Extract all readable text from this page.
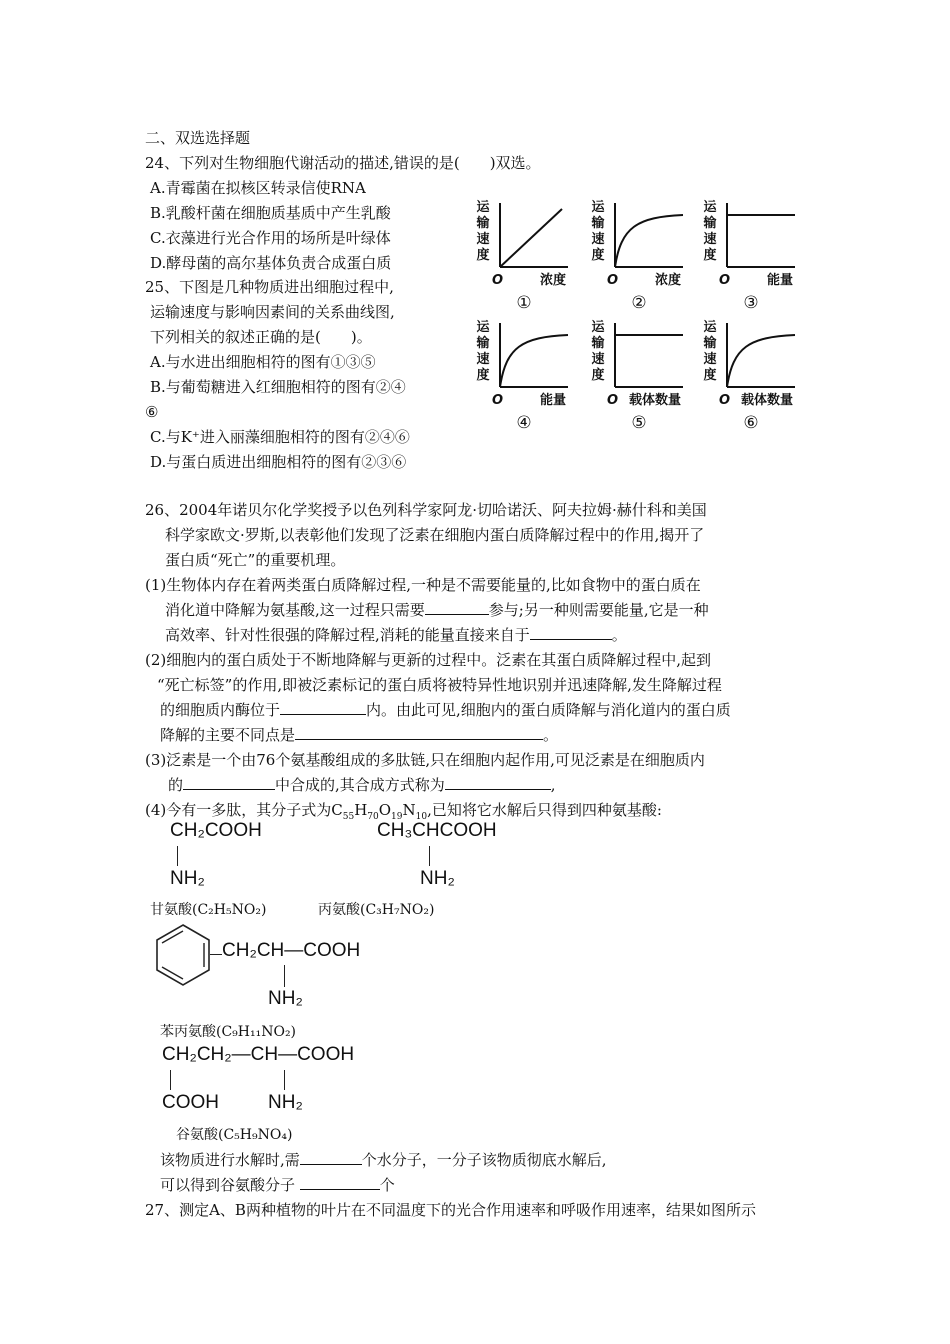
二、双选选择题
24、下列对生物细胞代谢活动的描述,错误的是(　　)双选。
A.青霉菌在拟核区转录信使RNA
B.乳酸杆菌在细胞质基质中产生乳酸
C.衣藻进行光合作用的场所是叶绿体
D.酵母菌的高尔基体负责合成蛋白质
25、下图是几种物质进出细胞过程中,
运输速度与影响因素间的关系曲线图,
下列相关的叙述正确的是(　　)。
A.与水进出细胞相符的图有①③⑤
B.与葡萄糖进入红细胞相符的图有②④
⑥
C.与K⁺进入丽藻细胞相符的图有②④⑥
D.与蛋白质进出细胞相符的图有②③⑥
运
输
速
度
O	浓度
①
运
输
速
度
O	浓度
②
运
输
速
度
O	能量
③
运
输
速
度
O	能量
④
运
输
速
度
O 载体数量
⑤
运
输
速
度
O 载体数量
⑥
26、2004年诺贝尔化学奖授予以色列科学家阿龙·切哈诺沃、阿夫拉姆·赫什科和美国
科学家欧文·罗斯,以表彰他们发现了泛素在细胞内蛋白质降解过程中的作用,揭开了
蛋白质“死亡”的重要机理。
(1)生物体内存在着两类蛋白质降解过程,一种是不需要能量的,比如食物中的蛋白质在
消化道中降解为氨基酸,这一过程只需要	参与;另一种则需要能量,它是一种
高效率、针对性很强的降解过程,消耗的能量直接来自于	。
(2)细胞内的蛋白质处于不断地降解与更新的过程中。泛素在其蛋白质降解过程中,起到
“死亡标签”的作用,即被泛素标记的蛋白质将被特异性地识别并迅速降解,发生降解过程
的细胞质内酶位于	内。由此可见,细胞内的蛋白质降解与消化道内的蛋白质
降解的主要不同点是	。
(3)泛素是一个由76个氨基酸组成的多肽链,只在细胞内起作用,可见泛素是在细胞质内
的	中合成的,其合成方式称为	,
(4)今有一多肽，其分子式为$C_{55}H_{70}O_{19}N_{10}$,已知将它水解后只得到四种氨基酸:
CH₂COOH
NH₂
甘氨酸(C₂H₅NO₂)
CH₃CHCOOH
NH₂
丙氨酸(C₃H₇NO₂)
CH₂CH—COOH
NH₂
苯丙氨酸(C₉H₁₁NO₂)
CH₂CH₂—CH—COOH
COOH	NH₂
谷氨酸(C₅H₉NO₄)
该物质进行水解时,需	个水分子，一分子该物质彻底水解后,
可以得到谷氨酸分子	个
27、测定A、B两种植物的叶片在不同温度下的光合作用速率和呼吸作用速率，结果如图所示
